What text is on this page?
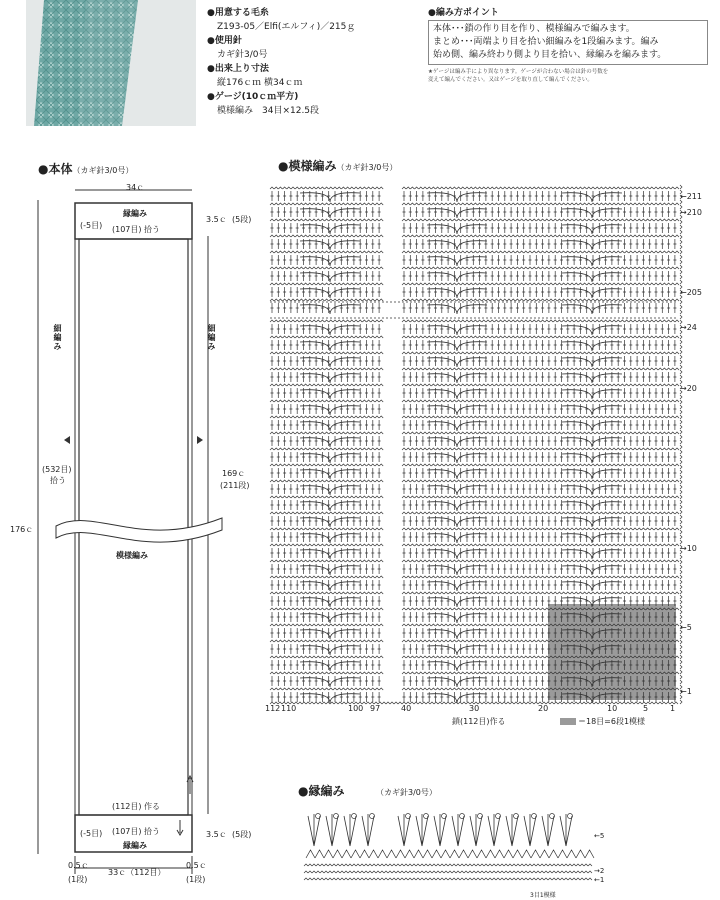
●用意する毛糸
Z193-05／Elfi(エルフィ)／215ｇ
●使用針
カギ針3/0号
●出来上り寸法
縦176ｃｍ 横34ｃｍ
●ゲージ(10ｃｍ平方)
模様編み　34目×12.5段
●編み方ポイント
本体･･･鎖の作り目を作り、模様編みで編みます。
まとめ･･･両端より目を拾い細編みを1段編みます。編み
始め側、編み終わり側より目を拾い、縁編みを編みます。
★ゲージは編み手により異なります。ゲージが合わない場合は針の号数を
変えて編んでください。又はゲージを取り直して編んでください。
●本体（カギ針3/0号）
34ｃ
縁編み
(-5目) (107目) 拾う
3.5ｃ (5段)
細編み	細編み
(532目)
拾う
176ｃ
169ｃ
(211段)
模様編み
(112目) 作る
(-5目) (107目) 拾う
縁編み
3.5ｃ (5段)
0.5ｃ
(1段)
33ｃ（112目）
0.5ｃ
(1段)
●模様編み（カギ針3/0号）
←211
→210
←205
→24
→20
→10
←5
←1
112 110	100 97	40	30	20	10	5	1
鎖(112目)作る	＝18目=6段1模様
●縁編み	（カギ針3/0号）
←5
→2
←1
3目1模様
